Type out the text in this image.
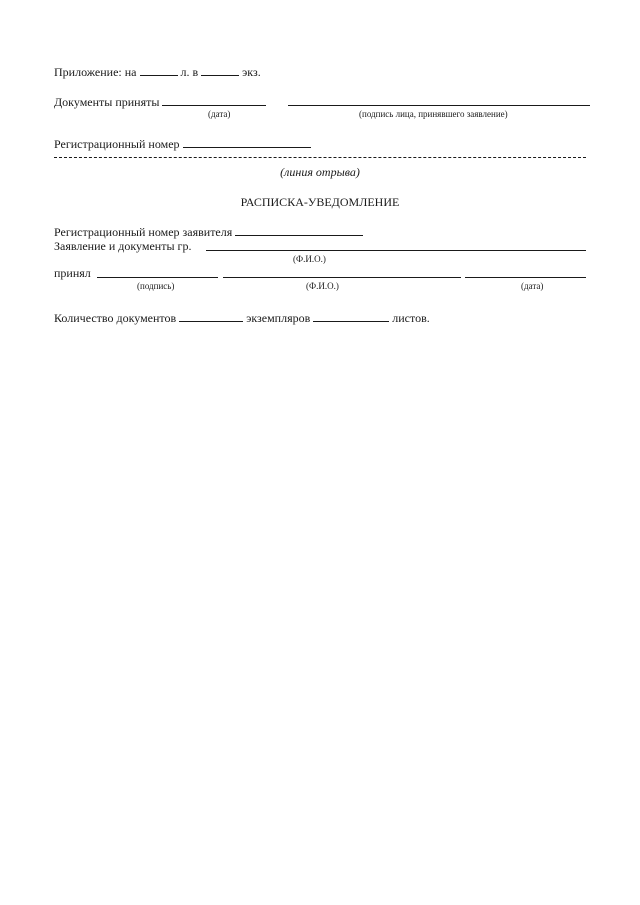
Приложение: на	л. в	экз.
Документы приняты
(дата)	(подпись лица, принявшего заявление)
Регистрационный номер
(линия отрыва)
РАСПИСКА-УВЕДОМЛЕНИЕ
Регистрационный номер заявителя
Заявление и документы гр.
(Ф.И.О.)
принял
(подпись)	(Ф.И.О.)	(дата)
Количество документов	экземпляров	листов.
